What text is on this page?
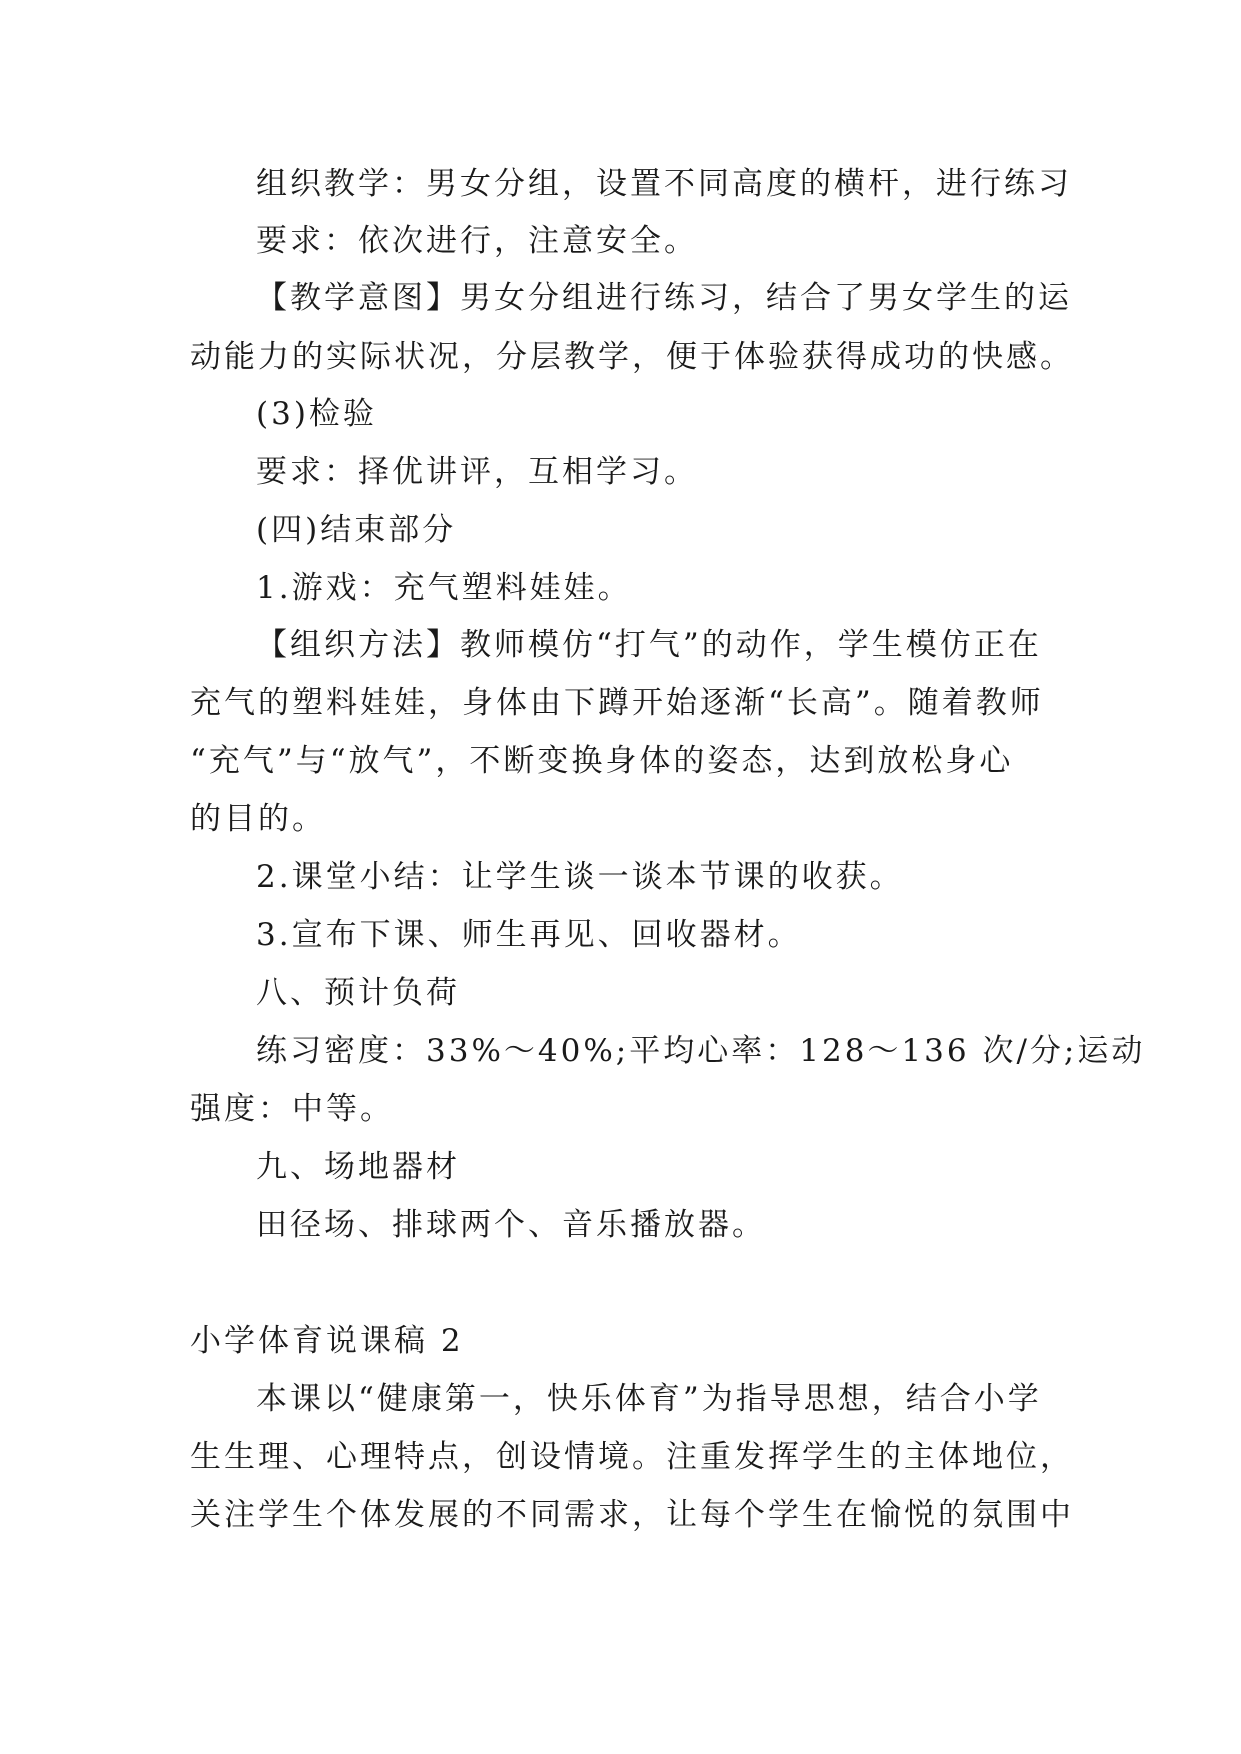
组织教学：男女分组，设置不同高度的横杆，进行练习
要求：依次进行，注意安全。
【教学意图】男女分组进行练习，结合了男女学生的运
动能力的实际状况，分层教学，便于体验获得成功的快感。
(3)检验
要求：择优讲评，互相学习。
(四)结束部分
1.游戏：充气塑料娃娃。
【组织方法】教师模仿“打气”的动作，学生模仿正在
充气的塑料娃娃，身体由下蹲开始逐渐“长高”。随着教师
“充气”与“放气”，不断变换身体的姿态，达到放松身心
的目的。
2.课堂小结：让学生谈一谈本节课的收获。
3.宣布下课、师生再见、回收器材。
八、预计负荷
练习密度：33%～40%;平均心率：128～136 次/分;运动
强度：中等。
九、场地器材
田径场、排球两个、音乐播放器。
小学体育说课稿 2
本课以“健康第一，快乐体育”为指导思想，结合小学
生生理、心理特点，创设情境。注重发挥学生的主体地位，
关注学生个体发展的不同需求，让每个学生在愉悦的氛围中
